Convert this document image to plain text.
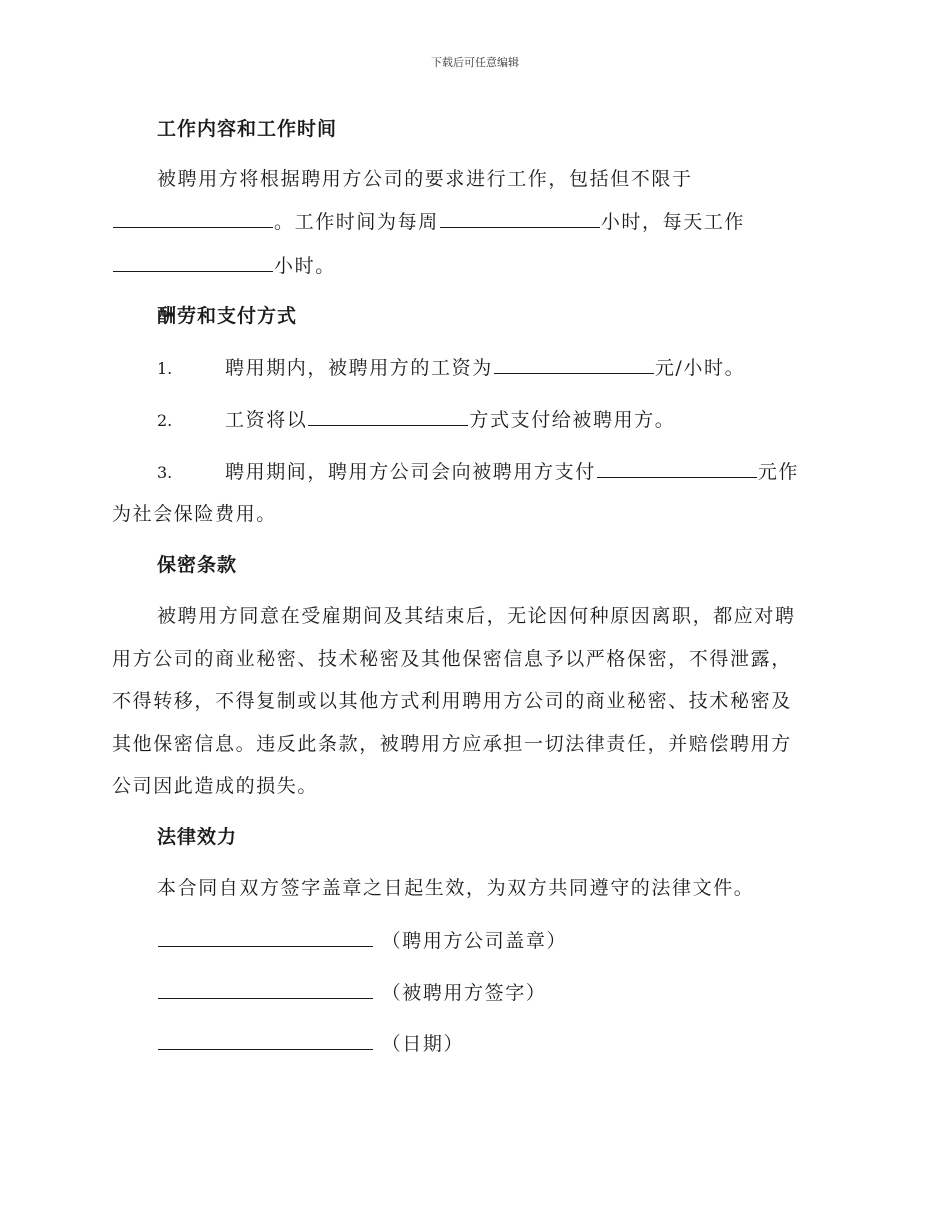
下载后可任意编辑
工作内容和工作时间
被聘用方将根据聘用方公司的要求进行工作，包括但不限于
。工作时间为每周	小时，每天工作
小时。
酬劳和支付方式
1.	聘用期内，被聘用方的工资为	元/小时。
2.	工资将以	方式支付给被聘用方。
3.	聘用期间，聘用方公司会向被聘用方支付	元作
为社会保险费用。
保密条款
被聘用方同意在受雇期间及其结束后，无论因何种原因离职，都应对聘
用方公司的商业秘密、技术秘密及其他保密信息予以严格保密，不得泄露，
不得转移，不得复制或以其他方式利用聘用方公司的商业秘密、技术秘密及
其他保密信息。违反此条款，被聘用方应承担一切法律责任，并赔偿聘用方
公司因此造成的损失。
法律效力
本合同自双方签字盖章之日起生效，为双方共同遵守的法律文件。
（聘用方公司盖章）
（被聘用方签字）
（日期）
